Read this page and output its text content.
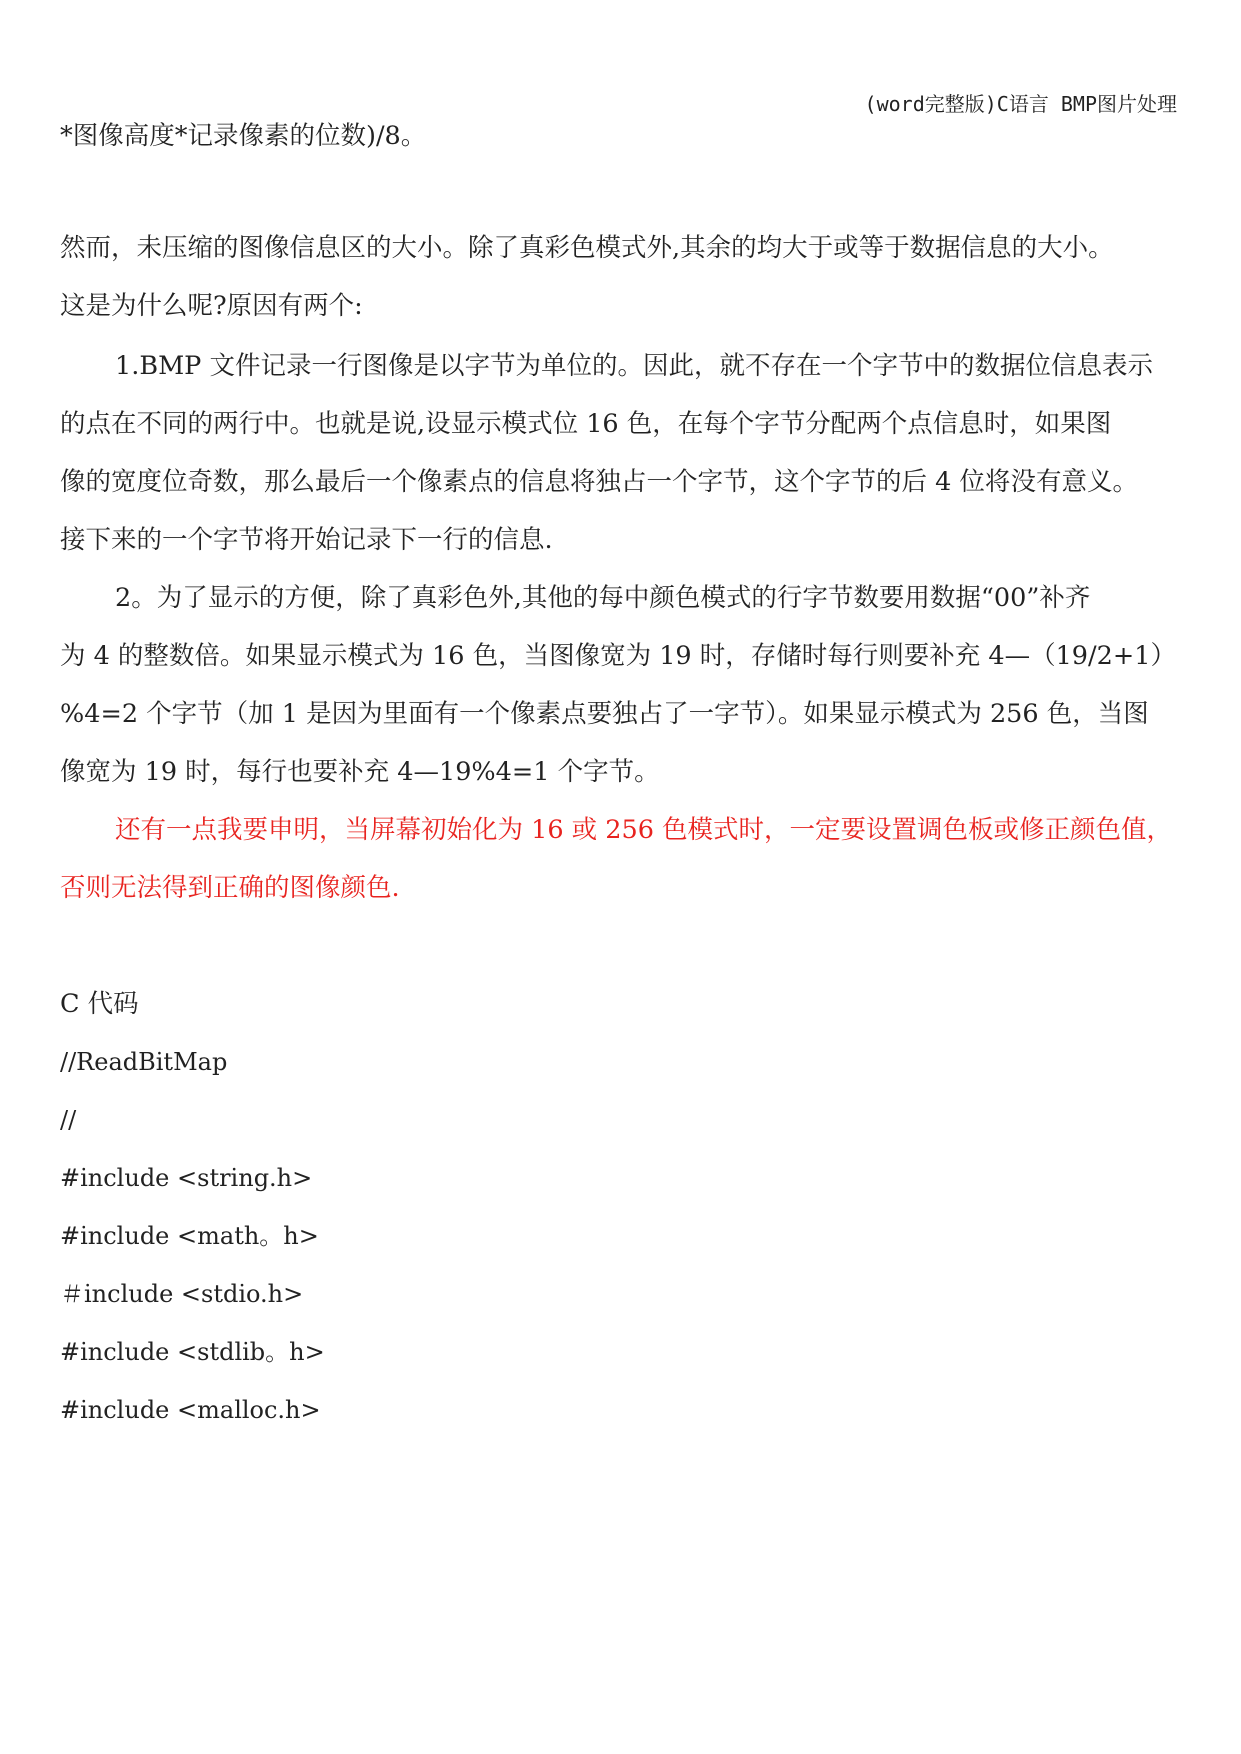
(word完整版)C语言 BMP图片处理
*图像高度*记录像素的位数)/8。
然而，未压缩的图像信息区的大小。除了真彩色模式外,其余的均大于或等于数据信息的大小。
这是为什么呢?原因有两个:
1.BMP 文件记录一行图像是以字节为单位的。因此，就不存在一个字节中的数据位信息表示
的点在不同的两行中。也就是说,设显示模式位 16 色，在每个字节分配两个点信息时，如果图
像的宽度位奇数，那么最后一个像素点的信息将独占一个字节，这个字节的后 4 位将没有意义。
接下来的一个字节将开始记录下一行的信息.
2。为了显示的方便，除了真彩色外,其他的每中颜色模式的行字节数要用数据“00”补齐
为 4 的整数倍。如果显示模式为 16 色，当图像宽为 19 时，存储时每行则要补充 4—（19/2+1）
%4=2 个字节（加 1 是因为里面有一个像素点要独占了一字节）。如果显示模式为 256 色，当图
像宽为 19 时，每行也要补充 4—19%4=1 个字节。
还有一点我要申明，当屏幕初始化为 16 或 256 色模式时，一定要设置调色板或修正颜色值，
否则无法得到正确的图像颜色.
C 代码
//ReadBitMap
//
#include <string.h>
#include <math。h>
＃include <stdio.h>
#include <stdlib。h>
#include <malloc.h>
